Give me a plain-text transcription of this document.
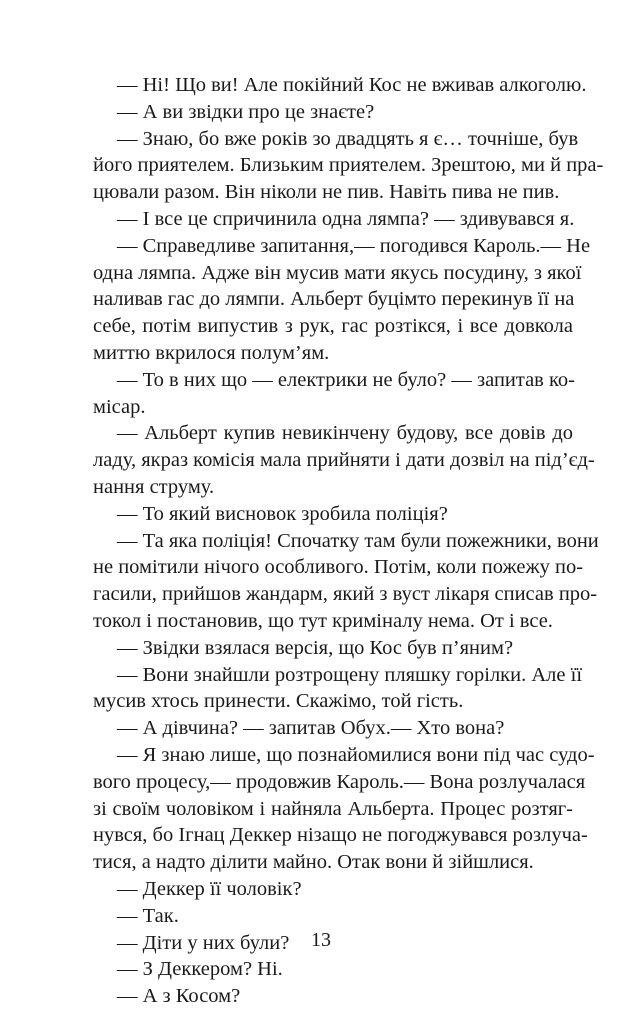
— Ні! Що ви! Але покійний Кос не вживав алкоголю.
— А ви звідки про це знаєте?
— Знаю, бо вже років зо двадцять я є… точніше, був
його приятелем. Близьким приятелем. Зрештою, ми й пра-
цювали разом. Він ніколи не пив. Навіть пива не пив.
— І все це спричинила одна лямпа? — здивувався я.
— Справедливе запитання,— погодився Кароль.— Не
одна лямпа. Адже він мусив мати якусь посудину, з якої
наливав гас до лямпи. Альберт буцімто перекинув її на
себе, потім випустив з рук, гас розтікся, і все довкола
миттю вкрилося полум’ям.
— То в них що — електрики не було? — запитав ко-
місар.
— Альберт купив невикінчену будову, все довів до
ладу, якраз комісія мала прийняти і дати дозвіл на під’єд-
нання струму.
— То який висновок зробила поліція?
— Та яка поліція! Спочатку там були пожежники, вони
не помітили нічого особливого. Потім, коли пожежу по-
гасили, прийшов жандарм, який з вуст лікаря списав про-
токол і постановив, що тут криміналу нема. От і все.
— Звідки взялася версія, що Кос був п’яним?
— Вони знайшли розтрощену пляшку горілки. Але її
мусив хтось принести. Скажімо, той гість.
— А дівчина? — запитав Обух.— Хто вона?
— Я знаю лише, що познайомилися вони під час судо-
вого процесу,— продовжив Кароль.— Вона розлучалася
зі своїм чоловіком і найняла Альберта. Процес розтяг-
нувся, бо Ігнац Деккер нізащо не погоджувався розлуча-
тися, а надто ділити майно. Отак вони й зійшлися.
— Деккер її чоловік?
— Так.
— Діти у них були?
— З Деккером? Ні.
— А з Косом?
13
